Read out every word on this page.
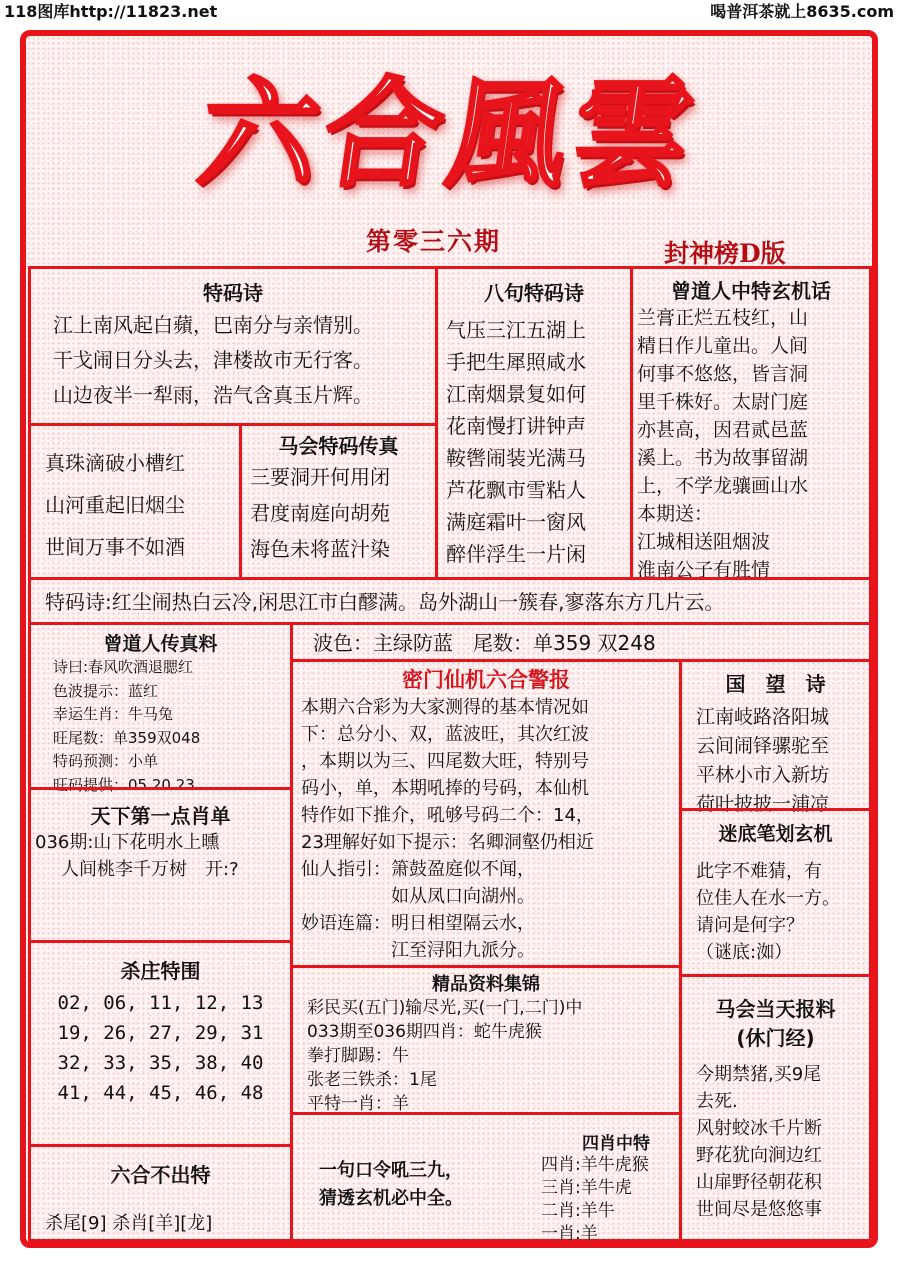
118图库http://11823.net	喝普洱茶就上8635.com
六合風雲
第零三六期	封神榜D版
特码诗
江上南风起白蘋，巴南分与亲情别。
干戈闹日分头去，津楼故市无行客。
山边夜半一犁雨，浩气含真玉片辉。
八句特码诗
气压三江五湖上
手把生犀照咸水
江南烟景复如何
花南慢打讲钟声
鞍辔闹装光满马
芦花飘市雪粘人
满庭霜叶一窗风
醉伴浮生一片闲
曾道人中特玄机话
兰膏正烂五枝红，山
精日作儿童出。人间
何事不悠悠，皆言洞
里千株好。太尉门庭
亦甚高，因君贰邑蓝
溪上。书为故事留湖
上，不学龙骧画山水
本期送：
江城相送阻烟波
淮南公子有胜情
真珠滴破小槽红
山河重起旧烟尘
世间万事不如酒
马会特码传真
三要洞开何用闭
君度南庭向胡苑
海色未将蓝汁染
特码诗:红尘闹热白云冷,闲思江市白醪满。岛外湖山一簇春,寥落东方几片云。
曾道人传真料
诗曰:春风吹酒退腮红
色波提示：蓝红
幸运生肖：牛马兔
旺尾数：单359双048
特码预测：小单
旺码提供：05 20 23
波色：主绿防蓝　尾数：单359 双248
密门仙机六合警报
本期六合彩为大家测得的基本情况如
下：总分小、双，蓝波旺，其次红波
，本期以为三、四尾数大旺，特别号
码小，单，本期吼捧的号码，本仙机
特作如下推介，吼够号码二个：14，
23理解好如下提示：名卿洞壑仍相近
仙人指引：箫鼓盈庭似不闻，
　　　　　如从凤口向湖州。
妙语连篇：明日相望隔云水，
　　　　　江至浔阳九派分。
国　望　诗
江南岐路洛阳城
云间闹铎骡驼至
平林小市入新坊
荷叶披披一浦凉
天下第一点肖单
036期:山下花明水上曛
人间桃李千万树　开:?
迷底笔划玄机
此字不难猜，有
位佳人在水一方。
请问是何字？
（谜底:洳）
杀庄特围
02, 06, 11, 12, 13
19, 26, 27, 29, 31
32, 33, 35, 38, 40
41, 44, 45, 46, 48
精品资料集锦
彩民买(五门)输尽光,买(一门,二门)中
033期至036期四肖：蛇牛虎猴
拳打脚踢：牛
张老三铁杀：1尾
平特一肖：羊
马会当天报料
(休门经)
今期禁猪,买9尾
去死.
风射蛟冰千片断
野花犹向涧边红
山扉野径朝花积
世间尽是悠悠事
六合不出特
杀尾[9] 杀肖[羊][龙]
一句口令吼三九，
猜透玄机必中全。
四肖中特
四肖:羊牛虎猴
三肖:羊牛虎
二肖:羊牛
一肖:羊
